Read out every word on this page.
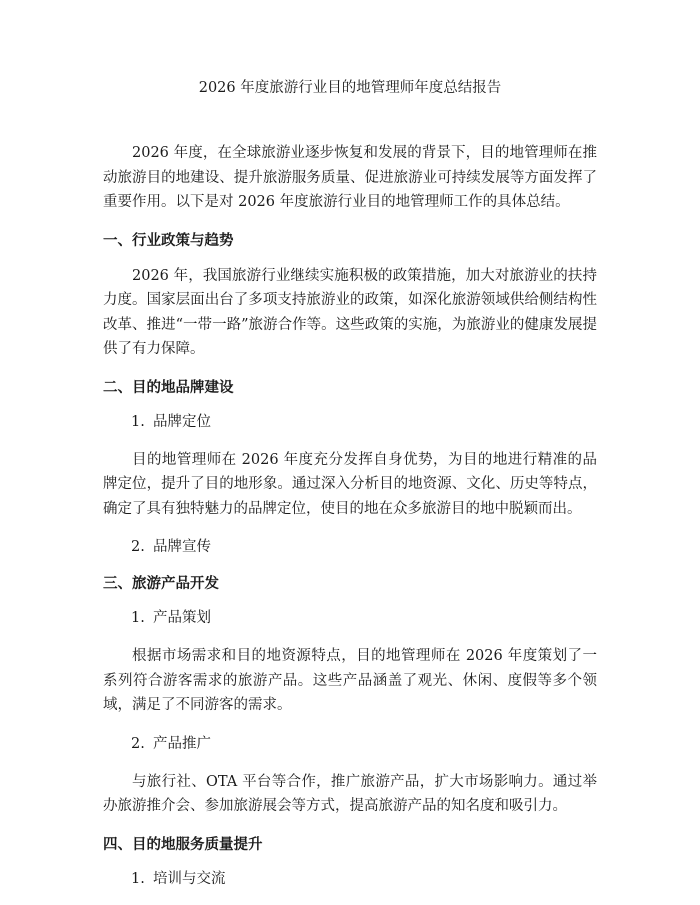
2026 年度旅游行业目的地管理师年度总结报告

2026 年度，在全球旅游业逐步恢复和发展的背景下，目的地管理师在推动旅游目的地建设、提升旅游服务质量、促进旅游业可持续发展等方面发挥了重要作用。以下是对 2026 年度旅游行业目的地管理师工作的具体总结。

一、行业政策与趋势

2026 年，我国旅游行业继续实施积极的政策措施，加大对旅游业的扶持力度。国家层面出台了多项支持旅游业的政策，如深化旅游领域供给侧结构性改革、推进“一带一路”旅游合作等。这些政策的实施，为旅游业的健康发展提供了有力保障。

二、目的地品牌建设
1. 品牌定位

目的地管理师在 2026 年度充分发挥自身优势，为目的地进行精准的品牌定位，提升了目的地形象。通过深入分析目的地资源、文化、历史等特点，确定了具有独特魅力的品牌定位，使目的地在众多旅游目的地中脱颖而出。

2. 品牌宣传
三、旅游产品开发
1. 产品策划

根据市场需求和目的地资源特点，目的地管理师在 2026 年度策划了一系列符合游客需求的旅游产品。这些产品涵盖了观光、休闲、度假等多个领域，满足了不同游客的需求。

2. 产品推广

与旅行社、OTA 平台等合作，推广旅游产品，扩大市场影响力。通过举办旅游推介会、参加旅游展会等方式，提高旅游产品的知名度和吸引力。

四、目的地服务质量提升
1. 培训与交流
